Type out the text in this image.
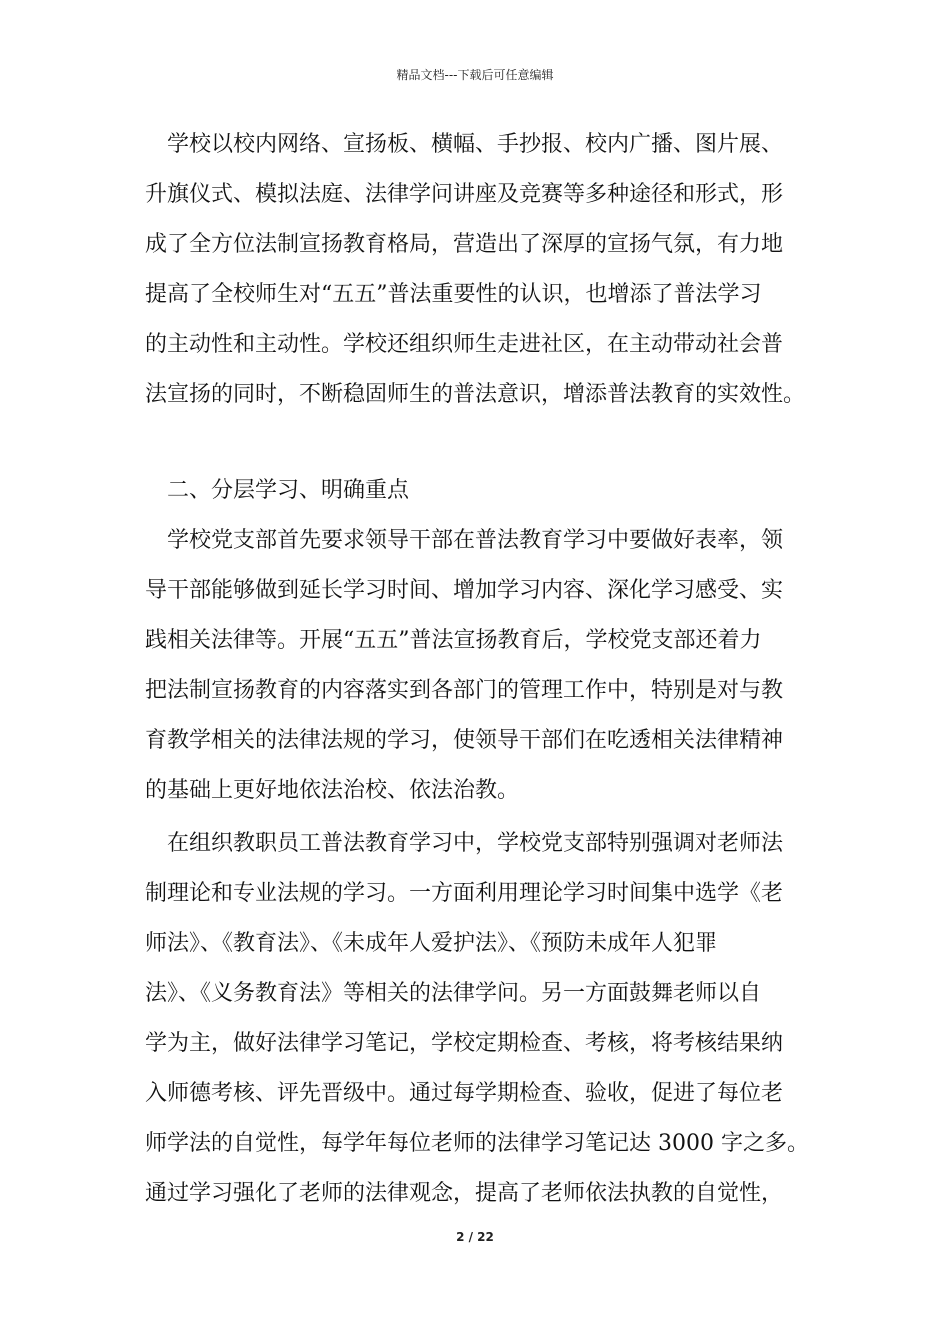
精品文档---下载后可任意编辑
学校以校内网络、宣扬板、横幅、手抄报、校内广播、图片展、
升旗仪式、模拟法庭、法律学问讲座及竞赛等多种途径和形式，形
成了全方位法制宣扬教育格局，营造出了深厚的宣扬气氛，有力地
提高了全校师生对“五五”普法重要性的认识，也增添了普法学习
的主动性和主动性。学校还组织师生走进社区，在主动带动社会普
法宣扬的同时，不断稳固师生的普法意识，增添普法教育的实效性。
二、分层学习、明确重点
学校党支部首先要求领导干部在普法教育学习中要做好表率，领
导干部能够做到延长学习时间、增加学习内容、深化学习感受、实
践相关法律等。开展“五五”普法宣扬教育后，学校党支部还着力
把法制宣扬教育的内容落实到各部门的管理工作中，特别是对与教
育教学相关的法律法规的学习，使领导干部们在吃透相关法律精神
的基础上更好地依法治校、依法治教。
在组织教职员工普法教育学习中，学校党支部特别强调对老师法
制理论和专业法规的学习。一方面利用理论学习时间集中选学《老
师法》、《教育法》、《未成年人爱护法》、《预防未成年人犯罪
法》、《义务教育法》等相关的法律学问。另一方面鼓舞老师以自
学为主，做好法律学习笔记，学校定期检查、考核，将考核结果纳
入师德考核、评先晋级中。通过每学期检查、验收，促进了每位老
师学法的自觉性，每学年每位老师的法律学习笔记达 3000 字之多。
通过学习强化了老师的法律观念，提高了老师依法执教的自觉性，
2 / 22
